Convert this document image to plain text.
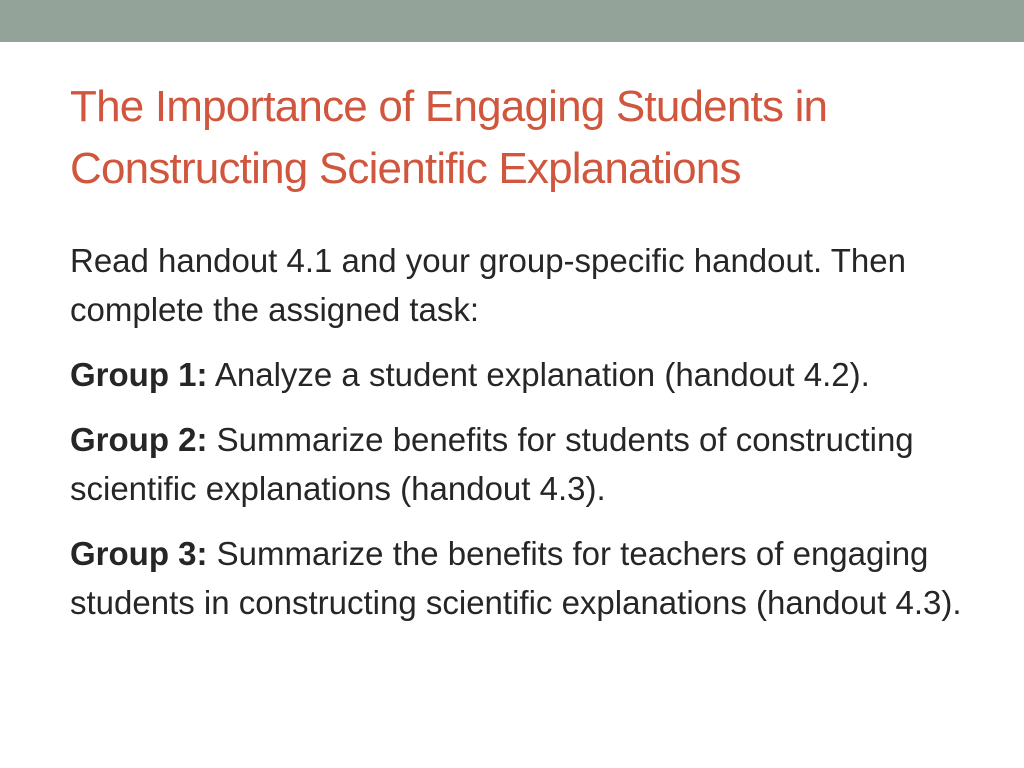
The Importance of Engaging Students in Constructing Scientific Explanations

Read handout 4.1 and your group-specific handout. Then complete the assigned task:

Group 1: Analyze a student explanation (handout 4.2).

Group 2: Summarize benefits for students of constructing scientific explanations (handout 4.3).

Group 3: Summarize the benefits for teachers of engaging students in constructing scientific explanations (handout 4.3).
